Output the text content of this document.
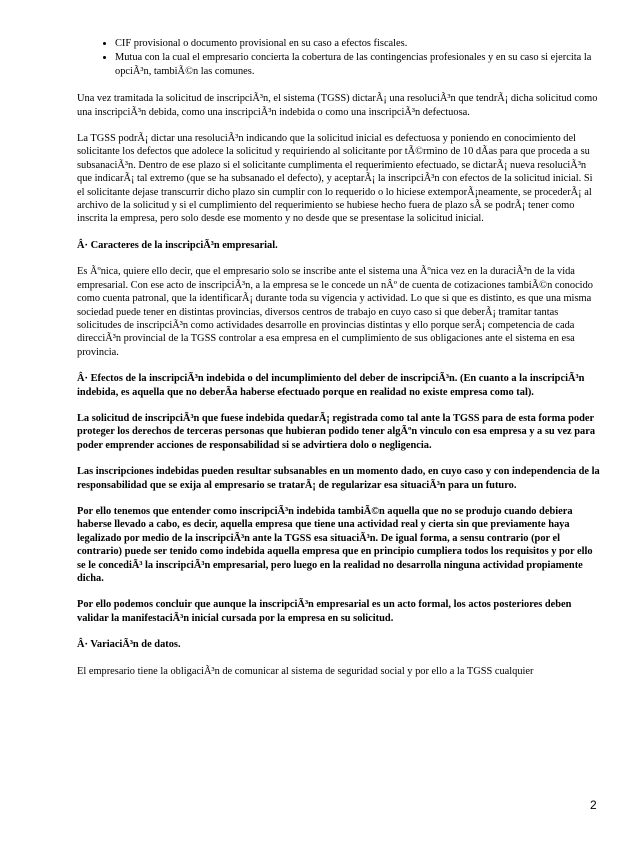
• CIF provisional o documento provisional en su caso a efectos fiscales.
• Mutua con la cual el empresario concierta la cobertura de las contingencias profesionales y en su caso si ejercita la opciÃ³n, tambiÃ©n las comunes.

Una vez tramitada la solicitud de inscripciÃ³n, el sistema (TGSS) dictarÃ¡ una resoluciÃ³n que tendrÃ¡ dicha solicitud como una inscripciÃ³n debida, como una inscripciÃ³n indebida o como una inscripciÃ³n defectuosa.

La TGSS podrÃ¡ dictar una resoluciÃ³n indicando que la solicitud inicial es defectuosa y poniendo en conocimiento del solicitante los defectos que adolece la solicitud y requiriendo al solicitante por tÃ©rmino de 10 dÃas para que proceda a su subsanaciÃ³n. Dentro de ese plazo si el solicitante cumplimenta el requerimiento efectuado, se dictarÃ¡ nueva resoluciÃ³n que indicarÃ¡ tal extremo (que se ha subsanado el defecto), y aceptarÃ¡ la inscripciÃ³n con efectos de la solicitud inicial. Si el solicitante dejase transcurrir dicho plazo sin cumplir con lo requerido o lo hiciese extemporÃ¡neamente, se procederÃ¡ al archivo de la solicitud y si el cumplimiento del requerimiento se hubiese hecho fuera de plazo sÃ se podrÃ¡ tener como inscrita la empresa, pero solo desde ese momento y no desde que se presentase la solicitud inicial.

Â· Caracteres de la inscripciÃ³n empresarial.

Es Ãºnica, quiere ello decir, que el empresario solo se inscribe ante el sistema una Ãºnica vez en la duraciÃ³n de la vida empresarial. Con ese acto de inscripciÃ³n, a la empresa se le concede un nÂº de cuenta de cotizaciones tambiÃ©n conocido como cuenta patronal, que la identificarÃ¡ durante toda su vigencia y actividad. Lo que si que es distinto, es que una misma sociedad puede tener en distintas provincias, diversos centros de trabajo en cuyo caso si que deberÃ¡ tramitar tantas solicitudes de inscripciÃ³n como actividades desarrolle en provincias distintas y ello porque serÃ¡ competencia de cada direcciÃ³n provincial de la TGSS controlar a esa empresa en el cumplimiento de sus obligaciones ante el sistema en esa provincia.

Â· Efectos de la inscripciÃ³n indebida o del incumplimiento del deber de inscripciÃ³n. (En cuanto a la inscripciÃ³n indebida, es aquella que no deberÃa haberse efectuado porque en realidad no existe empresa como tal).

La solicitud de inscripciÃ³n que fuese indebida quedarÃ¡ registrada como tal ante la TGSS para de esta forma poder proteger los derechos de terceras personas que hubieran podido tener algÃºn vinculo con esa empresa y a su vez para poder emprender acciones de responsabilidad si se advirtiera dolo o negligencia.

Las inscripciones indebidas pueden resultar subsanables en un momento dado, en cuyo caso y con independencia de la responsabilidad que se exija al empresario se tratarÃ¡ de regularizar esa situaciÃ³n para un futuro.

Por ello tenemos que entender como inscripciÃ³n indebida tambiÃ©n aquella que no se produjo cuando debiera haberse llevado a cabo, es decir, aquella empresa que tiene una actividad real y cierta sin que previamente haya legalizado por medio de la inscripciÃ³n ante la TGSS esa situaciÃ³n. De igual forma, a sensu contrario (por el contrario) puede ser tenido como indebida aquella empresa que en principio cumpliera todos los requisitos y por ello se le concediÃ³ la inscripciÃ³n empresarial, pero luego en la realidad no desarrolla ninguna actividad propiamente dicha.

Por ello podemos concluir que aunque la inscripciÃ³n empresarial es un acto formal, los actos posteriores deben validar la manifestaciÃ³n inicial cursada por la empresa en su solicitud.

Â· VariaciÃ³n de datos.

El empresario tiene la obligaciÃ³n de comunicar al sistema de seguridad social y por ello a la TGSS cualquier

2
